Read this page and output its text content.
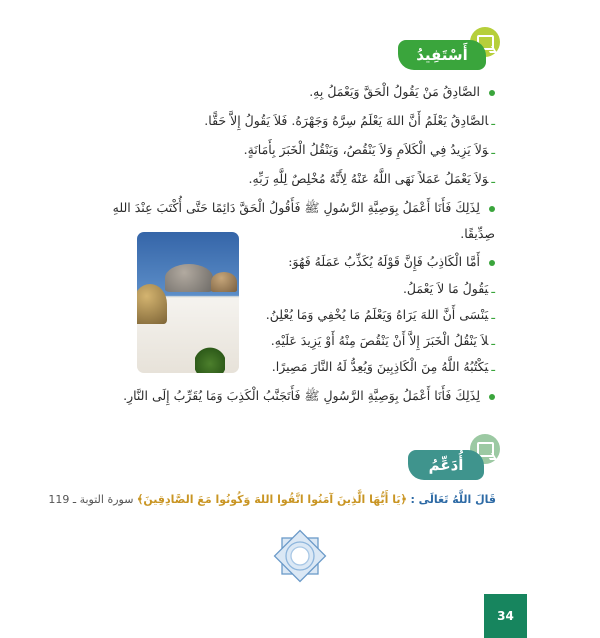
أَسْتَفِيدُ
الصَّادِقُ مَنْ يَقُولُ الْحَقَّ وَيَعْمَلُ بِهِ.
ـالصَّادِقُ يَعْلَمُ أَنَّ اللهَ يَعْلَمُ سِرَّهُ وَجَهْرَهُ. فَلاَ يَقُولُ إِلاَّ حَقًّا.
ـوَلاَ يَزِيدُ فِي الْكَلاَمِ وَلاَ يَنْقُصُ، وَيَنْقُلُ الْخَبَرَ بِأَمَانَةٍ.
ـوَلاَ يَعْمَلُ عَمَلاً نَهَى اللَّهُ عَنْهُ لِأَنَّهُ مُخْلِصٌ لِلَّهِ رَبِّهِ.
لِذَلِكَ فَأَنَا أَعْمَلُ بِوَصِيَّةِ الرَّسُولِ ﷺ فَأَقُولُ الْحَقَّ دَائِمًا حَتَّى أُكْتَبَ عِنْدَ اللهِ
صِدِّيقًا.
أَمَّا الْكَاذِبُ فَإِنَّ قَوْلَهُ يُكَذِّبُ عَمَلَهُ فَهُوَ:
ـيَقُولُ مَا لاَ يَعْمَلُ.
ـيَنْسَى أَنَّ اللهَ يَرَاهُ وَيَعْلَمُ مَا يُخْفِي وَمَا يُعْلِنُ.
ـلاَ يَنْقُلُ الْخَبَرَ إِلاَّ أَنْ يَنْقُصَ مِنْهُ أَوْ يَزِيدَ عَلَيْهِ.
ـيَكْتُبُهُ اللَّهُ مِنَ الْكَاذِبِينَ وَيُعِدُّ لَهُ النَّارَ مَصِيرًا.
لِذَلِكَ فَأَنَا أَعْمَلُ بِوَصِيَّةِ الرَّسُولِ ﷺ فَأَتَجَنَّبُ الْكَذِبَ وَمَا يُقَرِّبُ إِلَى النَّارِ.
أُدَعِّمُ
قَالَ اللَّهُ تَعَالَى : ﴿يَا أَيُّهَا الَّذِينَ آمَنُوا اتَّقُوا اللهَ وَكُونُوا مَعَ الصَّادِقِينَ﴾ سورة التوبة ـ 119
34
